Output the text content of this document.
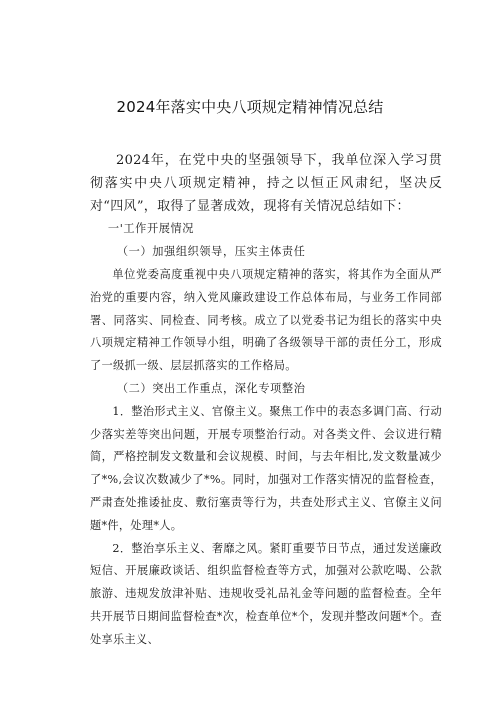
2024年落实中央八项规定精神情况总结

2024年，在党中央的坚强领导下，我单位深入学习贯彻落实中央八项规定精神，持之以恒正风肃纪，坚决反对“四风”，取得了显著成效，现将有关情况总结如下：

一'工作开展情况

（一）加强组织领导，压实主体责任

单位党委高度重视中央八项规定精神的落实，将其作为全面从严治党的重要内容，纳入党风廉政建设工作总体布局，与业务工作同部署、同落实、同检查、同考核。成立了以党委书记为组长的落实中央八项规定精神工作领导小组，明确了各级领导干部的责任分工，形成了一级抓一级、层层抓落实的工作格局。

（二）突出工作重点，深化专项整治

1．整治形式主义、官僚主义。聚焦工作中的表态多调门高、行动少落实差等突出问题，开展专项整治行动。对各类文件、会议进行精简，严格控制发文数量和会议规模、时间，与去年相比,发文数量减少了*%,会议次数减少了*%。同时，加强对工作落实情况的监督检查，严肃查处推诿扯皮、敷衍塞责等行为，共查处形式主义、官僚主义问题*件，处理*人。

2．整治享乐主义、奢靡之风。紧盯重要节日节点，通过发送廉政短信、开展廉政谈话、组织监督检查等方式，加强对公款吃喝、公款旅游、违规发放津补贴、违规收受礼品礼金等问题的监督检查。全年共开展节日期间监督检查*次，检查单位*个，发现并整改问题*个。查处享乐主义、
